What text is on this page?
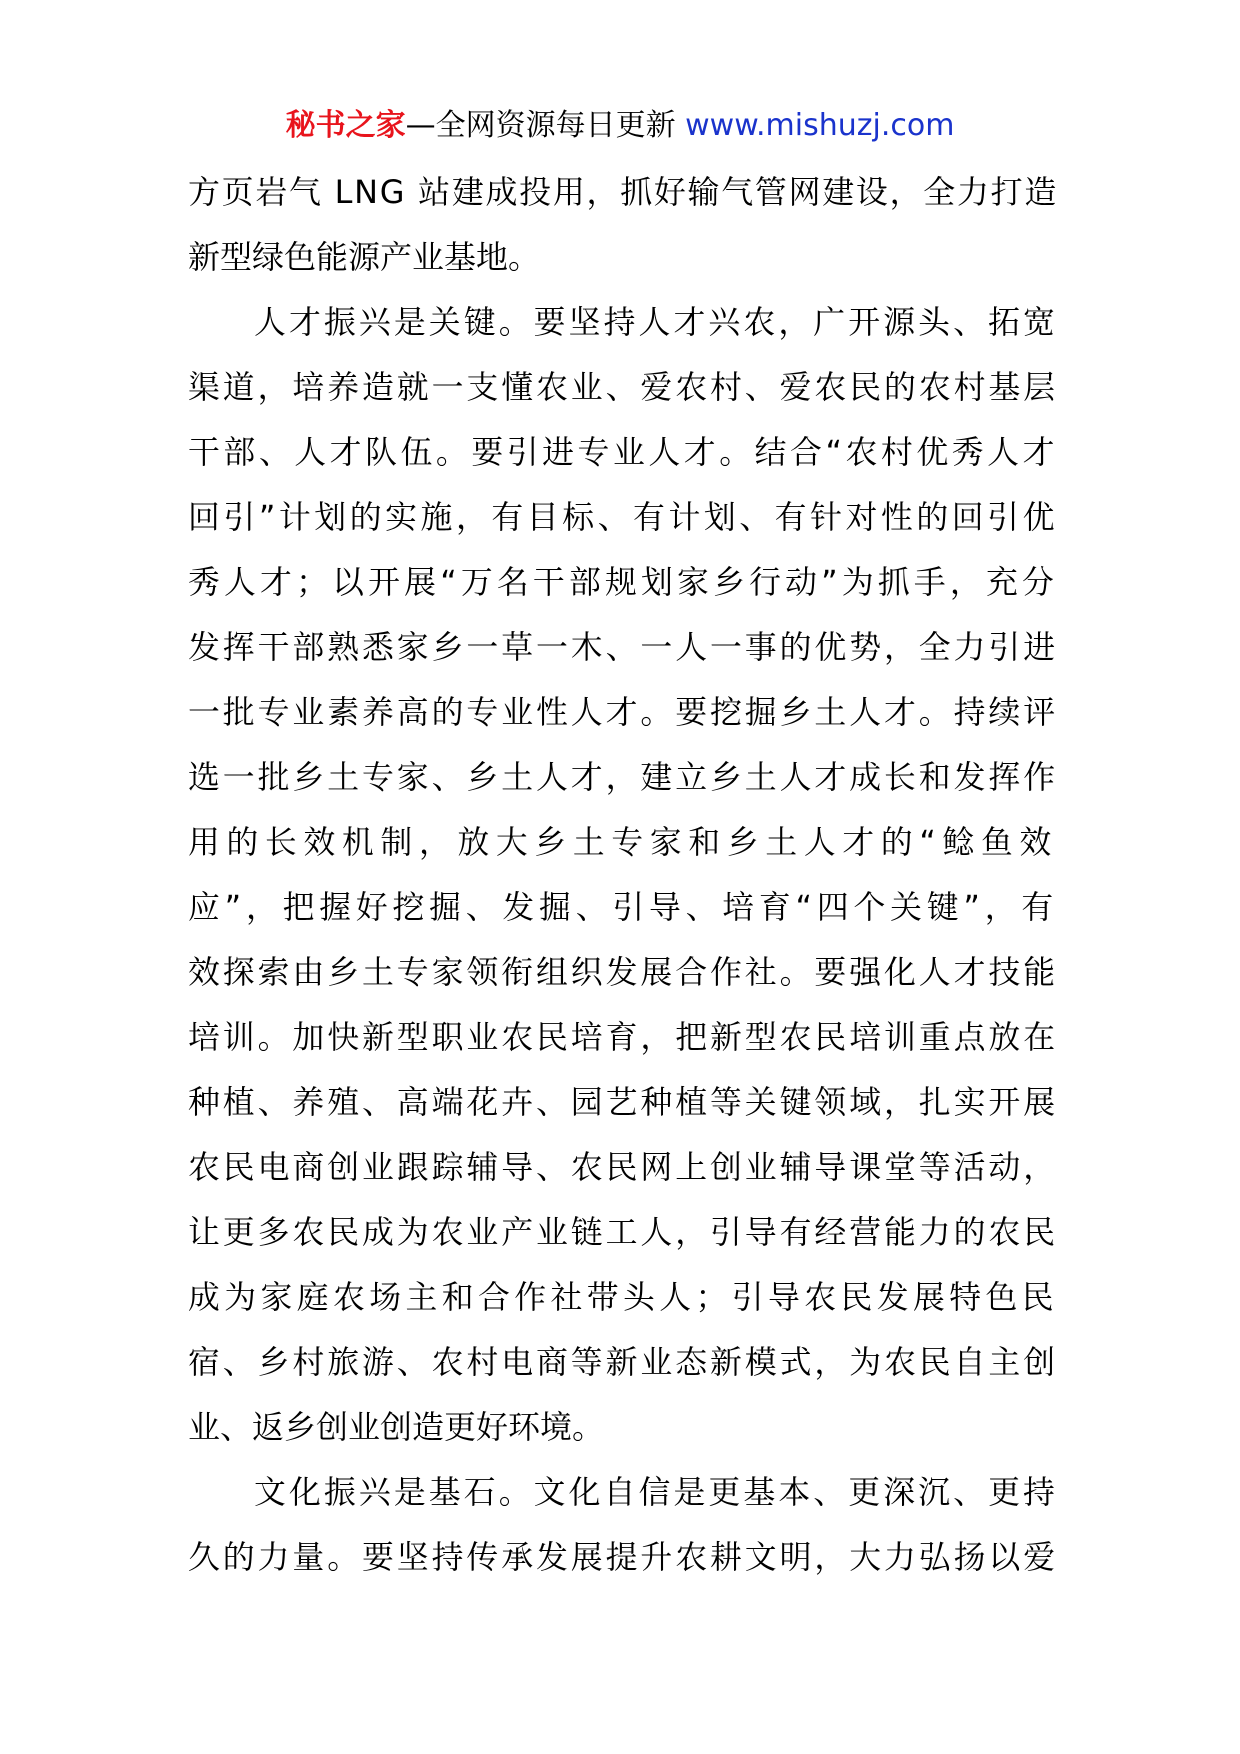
秘书之家—全网资源每日更新 www.mishuzj.com
方页岩气 LNG 站建成投用，抓好输气管网建设，全力打造
新型绿色能源产业基地。
人才振兴是关键。要坚持人才兴农，广开源头、拓宽
渠道，培养造就一支懂农业、爱农村、爱农民的农村基层
干部、人才队伍。要引进专业人才。结合“农村优秀人才
回引”计划的实施，有目标、有计划、有针对性的回引优
秀人才；以开展“万名干部规划家乡行动”为抓手，充分
发挥干部熟悉家乡一草一木、一人一事的优势，全力引进
一批专业素养高的专业性人才。要挖掘乡土人才。持续评
选一批乡土专家、乡土人才，建立乡土人才成长和发挥作
用的长效机制，放大乡土专家和乡土人才的“鲶鱼效
应”，把握好挖掘、发掘、引导、培育“四个关键”，有
效探索由乡土专家领衔组织发展合作社。要强化人才技能
培训。加快新型职业农民培育，把新型农民培训重点放在
种植、养殖、高端花卉、园艺种植等关键领域，扎实开展
农民电商创业跟踪辅导、农民网上创业辅导课堂等活动，
让更多农民成为农业产业链工人，引导有经营能力的农民
成为家庭农场主和合作社带头人；引导农民发展特色民
宿、乡村旅游、农村电商等新业态新模式，为农民自主创
业、返乡创业创造更好环境。
文化振兴是基石。文化自信是更基本、更深沉、更持
久的力量。要坚持传承发展提升农耕文明，大力弘扬以爱
